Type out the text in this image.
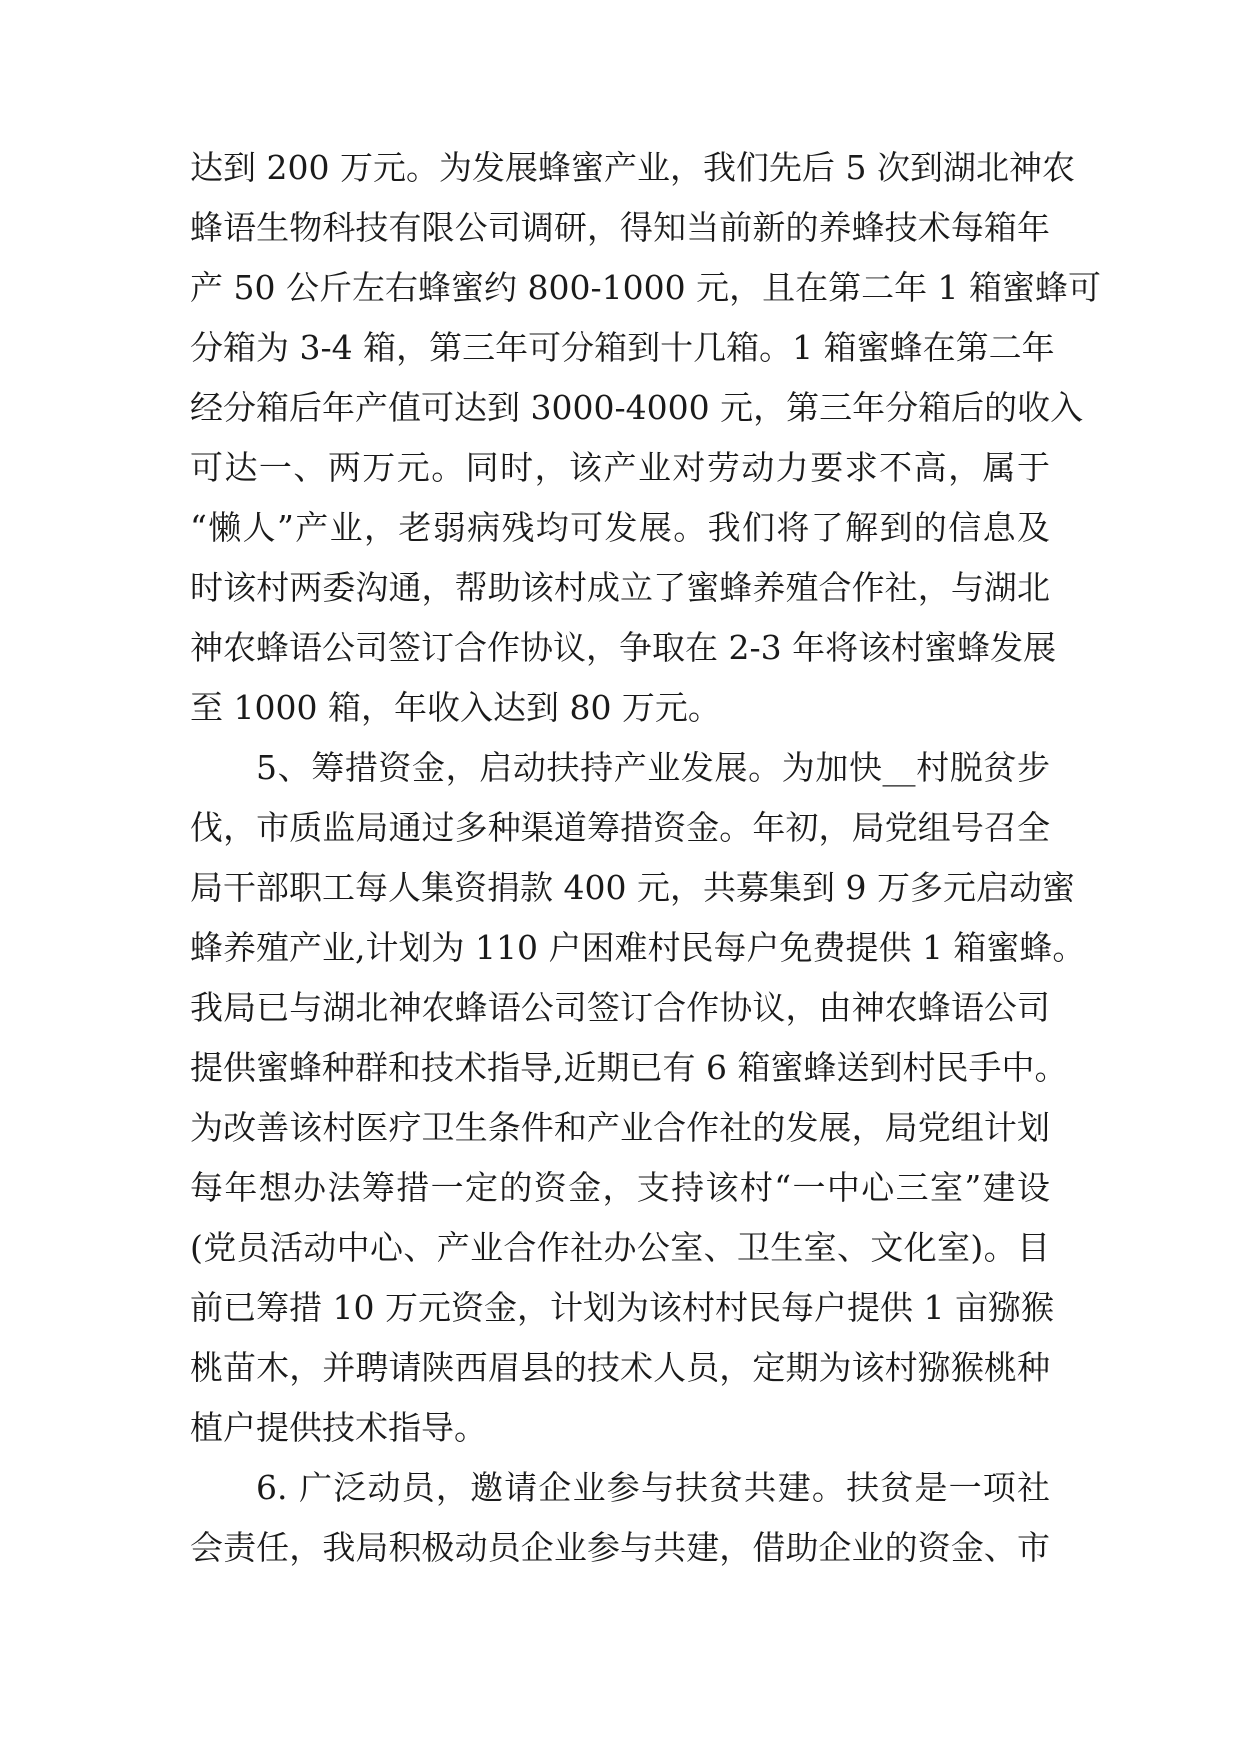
达到 200 万元。为发展蜂蜜产业，我们先后 5 次到湖北神农
蜂语生物科技有限公司调研，得知当前新的养蜂技术每箱年
产 50 公斤左右蜂蜜约 800-1000 元，且在第二年 1 箱蜜蜂可
分箱为 3-4 箱，第三年可分箱到十几箱。1 箱蜜蜂在第二年
经分箱后年产值可达到 3000-4000 元，第三年分箱后的收入
可达一、两万元。同时，该产业对劳动力要求不高，属于
“懒人”产业，老弱病残均可发展。我们将了解到的信息及
时该村两委沟通，帮助该村成立了蜜蜂养殖合作社，与湖北
神农蜂语公司签订合作协议，争取在 2-3 年将该村蜜蜂发展
至 1000 箱，年收入达到 80 万元。
5、筹措资金，启动扶持产业发展。为加快__村脱贫步
伐，市质监局通过多种渠道筹措资金。年初，局党组号召全
局干部职工每人集资捐款 400 元，共募集到 9 万多元启动蜜
蜂养殖产业,计划为 110 户困难村民每户免费提供 1 箱蜜蜂。
我局已与湖北神农蜂语公司签订合作协议，由神农蜂语公司
提供蜜蜂种群和技术指导,近期已有 6 箱蜜蜂送到村民手中。
为改善该村医疗卫生条件和产业合作社的发展，局党组计划
每年想办法筹措一定的资金，支持该村“一中心三室”建设
(党员活动中心、产业合作社办公室、卫生室、文化室)。目
前已筹措 10 万元资金，计划为该村村民每户提供 1 亩猕猴
桃苗木，并聘请陕西眉县的技术人员，定期为该村猕猴桃种
植户提供技术指导。
6. 广泛动员，邀请企业参与扶贫共建。扶贫是一项社
会责任，我局积极动员企业参与共建，借助企业的资金、市
